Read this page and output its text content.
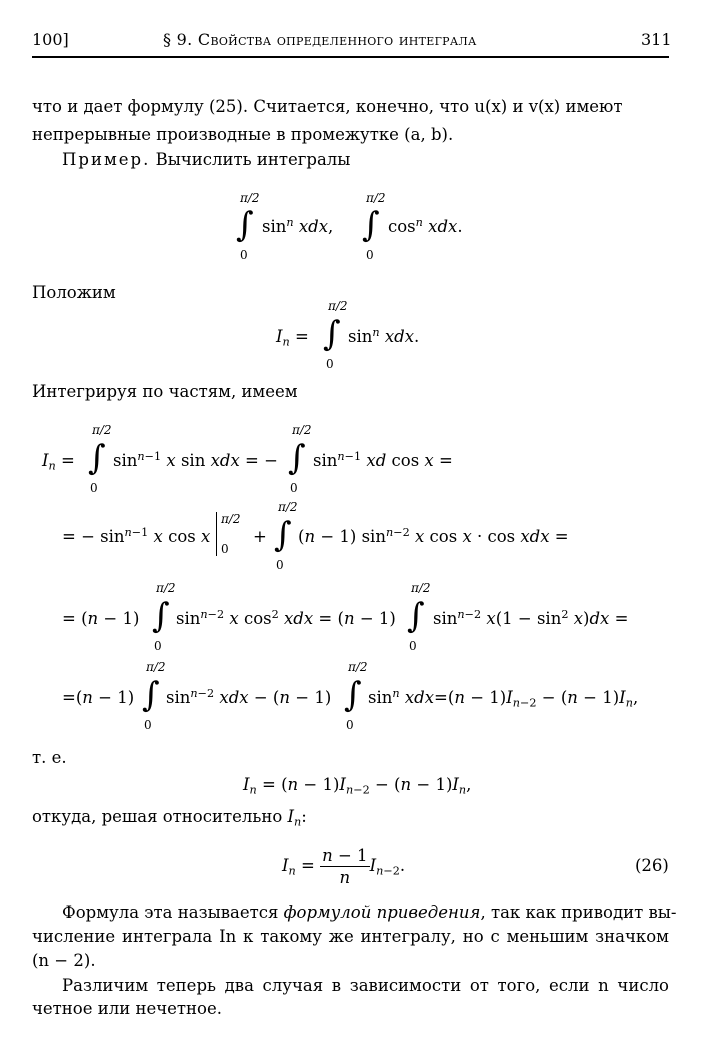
100]	§ 9. Свойства определенного интеграла	311
что и дает формулу (25). Считается, конечно, что u(x) и v(x) имеют
непрерывные производные в промежутке (a, b).
Пример. Вычислить интегралы
π/2
∫
0
$\sin^n$ xdx,
π/2
∫
0
$\cos^n$ xdx.
Положим
$I_n$ =
π/2
∫
0
$\sin^n$ xdx.
Интегрируя по частям, имеем
$I_n$ =
π/2
∫
0
$\sin^{n-1} x$ sin xdx = −
π/2
∫
0
$\sin^{n-1}$ xd cos x =
= − $\sin^{n-1} x$ cos x
π/2
0
+
π/2
∫
0
(n − 1) $\sin^{n-2} x$ cos x · cos xdx =
= (n − 1)
π/2
∫
0
$\sin^{n-2} x$ $\cos^2$ xdx = (n − 1)
π/2
∫
0
$\sin^{n-2} x(1 - \sin^2 x)dx$ =
=(n − 1)
π/2
∫
0
$\sin^{n-2}$ xdx − (n − 1)
π/2
∫
0
$\sin^n xdx=(n - 1)I_{n-2} - (n - 1)I_n$,
т. е.
$I_n = (n - 1)I_{n-2} - (n - 1)I_n$,
откуда, решая относительно $I_n$:
$I_n = \frac{n - 1}{n} I_{n-2}$.	(26)
Формула эта называется формулой приведения, так как приводит вы-
числение интеграла In к такому же интегралу, но с меньшим значком
(n − 2).
Различим теперь два случая в зависимости от того, если n число
четное или нечетное.
